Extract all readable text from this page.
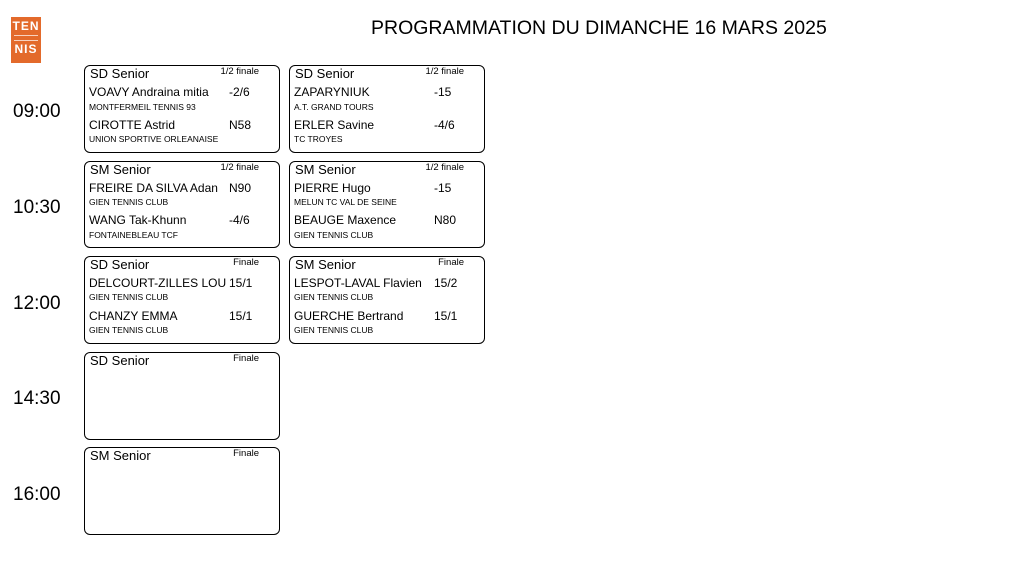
TEN
NIS
PROGRAMMATION DU DIMANCHE 16 MARS 2025
09:00
10:30
12:00
14:30
16:00
SD Senior	1/2 finale
VOAVY Andraina mitia -2/6
MONTFERMEIL TENNIS 93
CIROTTE Astrid	N58
UNION SPORTIVE ORLEANAISE
SD Senior	1/2 finale
ZAPARYNIUK	-15
A.T. GRAND TOURS
ERLER Savine	-4/6
TC TROYES
SM Senior	1/2 finale
FREIRE DA SILVA Adan N90
GIEN TENNIS CLUB
WANG Tak-Khunn	-4/6
FONTAINEBLEAU TCF
SM Senior	1/2 finale
PIERRE Hugo	-15
MELUN TC VAL DE SEINE
BEAUGE Maxence	N80
GIEN TENNIS CLUB
SD Senior	Finale
DELCOURT-ZILLES LOU 15/1
GIEN TENNIS CLUB
CHANZY EMMA	15/1
GIEN TENNIS CLUB
SM Senior	Finale
LESPOT-LAVAL Flavien 15/2
GIEN TENNIS CLUB
GUERCHE Bertrand	15/1
GIEN TENNIS CLUB
SD Senior	Finale
SM Senior	Finale
